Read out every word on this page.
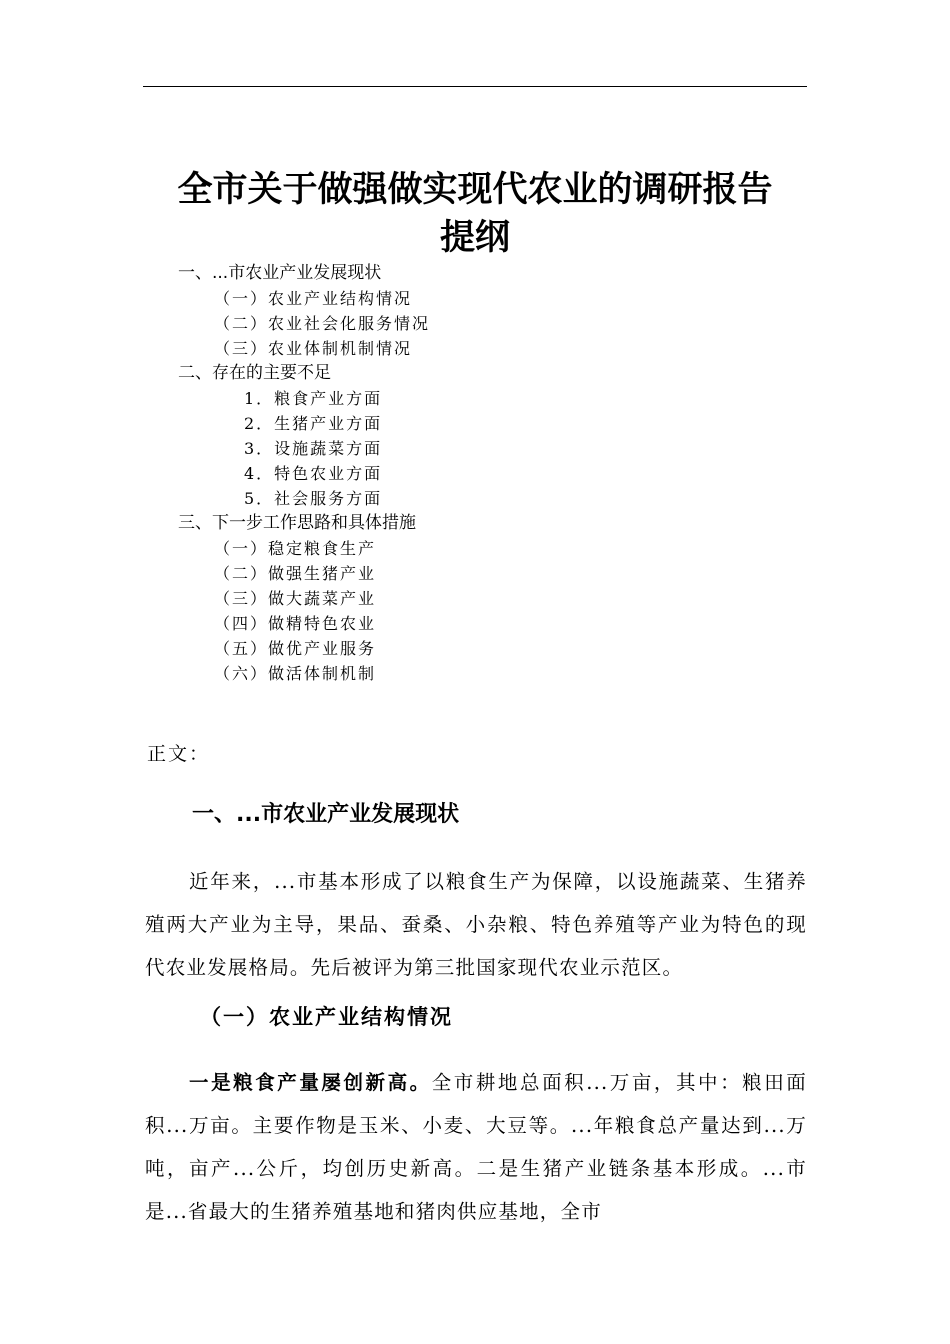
全市关于做强做实现代农业的调研报告
提纲
一、...市农业产业发展现状
（一）农业产业结构情况
（二）农业社会化服务情况
（三）农业体制机制情况
二、存在的主要不足
1．粮食产业方面
2．生猪产业方面
3．设施蔬菜方面
4．特色农业方面
5．社会服务方面
三、下一步工作思路和具体措施
（一）稳定粮食生产
（二）做强生猪产业
（三）做大蔬菜产业
（四）做精特色农业
（五）做优产业服务
（六）做活体制机制
正文：
一、...市农业产业发展现状

近年来，...市基本形成了以粮食生产为保障，以设施蔬菜、生猪养殖两大产业为主导，果品、蚕桑、小杂粮、特色养殖等产业为特色的现代农业发展格局。先后被评为第三批国家现代农业示范区。

（一）农业产业结构情况

一是粮食产量屡创新高。全市耕地总面积...万亩，其中：粮田面积...万亩。主要作物是玉米、小麦、大豆等。...年粮食总产量达到...万吨，亩产...公斤，均创历史新高。二是生猪产业链条基本形成。...市是...省最大的生猪养殖基地和猪肉供应基地，全市
